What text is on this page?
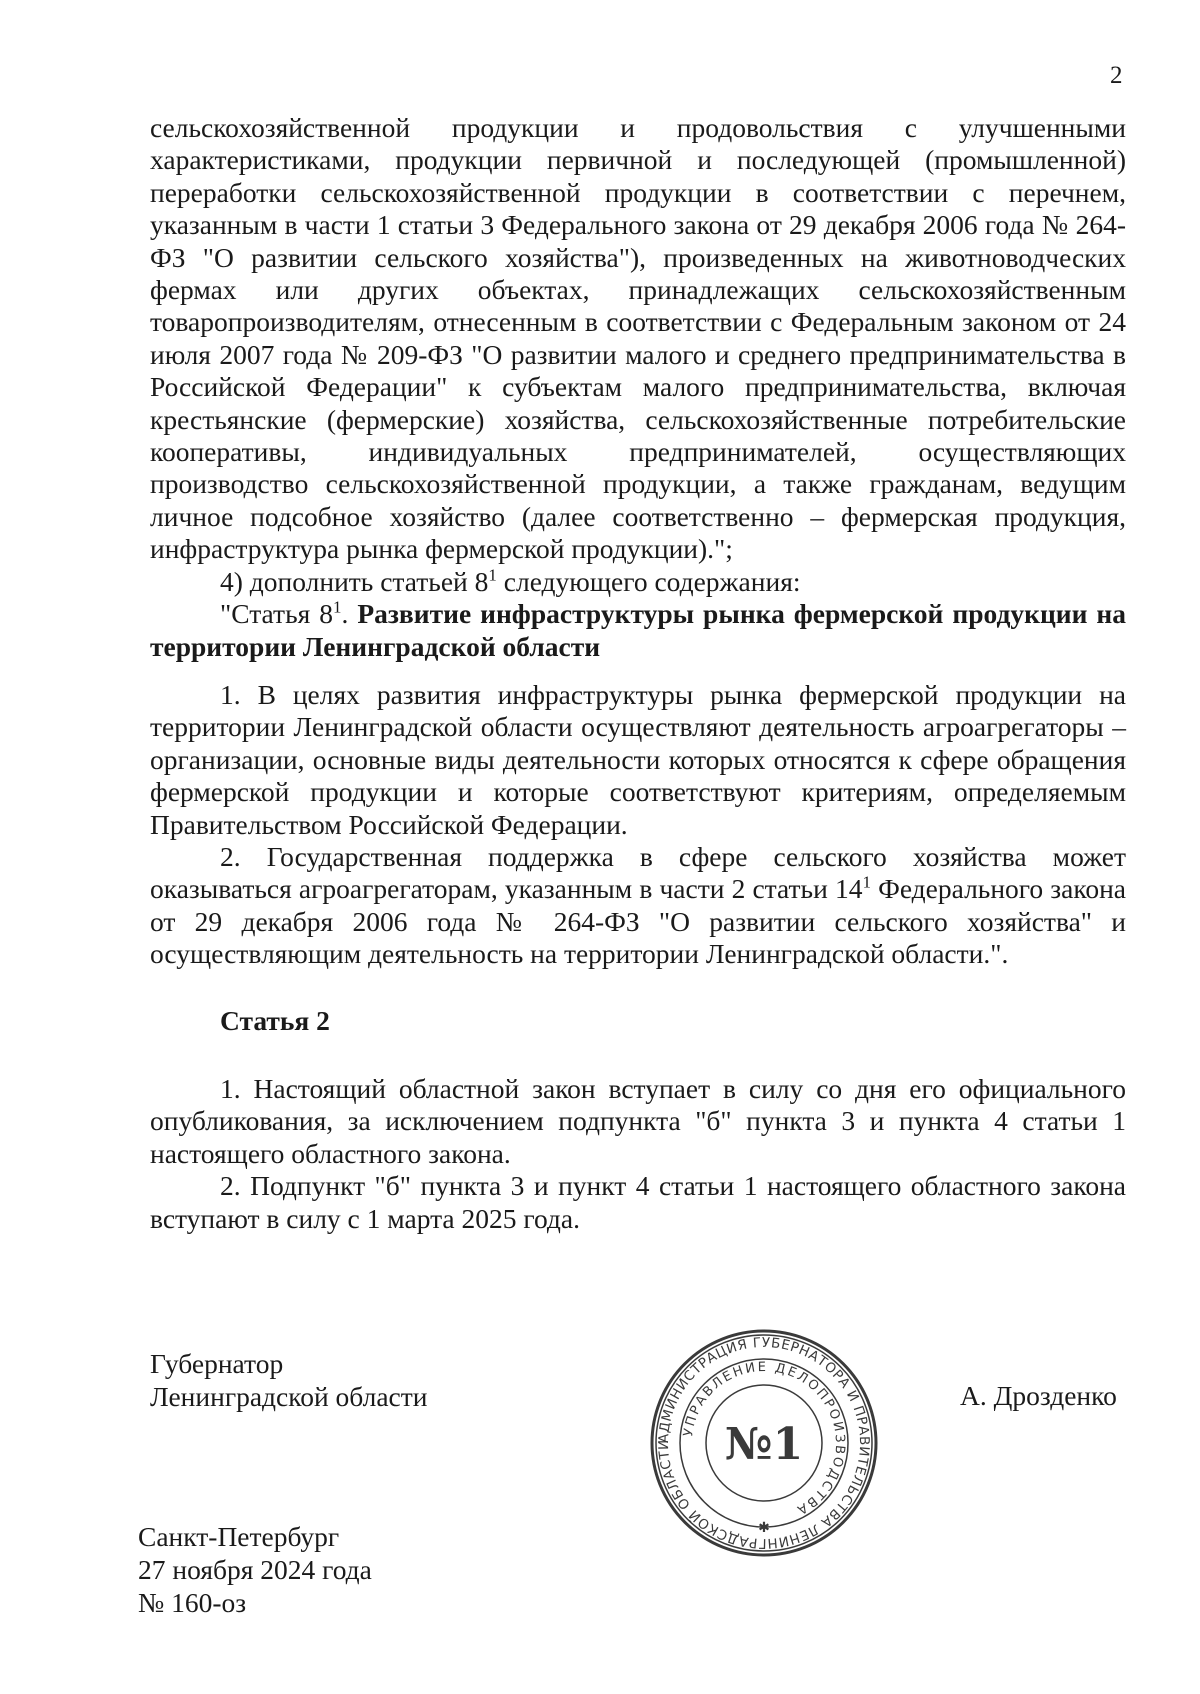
2

сельскохозяйственной продукции и продовольствия с улучшенными характеристиками, продукции первичной и последующей (промышленной) переработки сельскохозяйственной продукции в соответствии с перечнем, указанным в части 1 статьи 3 Федерального закона от 29 декабря 2006 года № 264-ФЗ "О развитии сельского хозяйства"), произведенных на животноводческих фермах или других объектах, принадлежащих сельскохозяйственным товаропроизводителям, отнесенным в соответствии с Федеральным законом от 24 июля 2007 года № 209-ФЗ "О развитии малого и среднего предпринимательства в Российской Федерации" к субъектам малого предпринимательства, включая крестьянские (фермерские) хозяйства, сельскохозяйственные потребительские кооперативы, индивидуальных предпринимателей, осуществляющих производство сельскохозяйственной продукции, а также гражданам, ведущим личное подсобное хозяйство (далее соответственно – фермерская продукция, инфраструктура рынка фермерской продукции).";

4) дополнить статьей $8^1$ следующего содержания:

"Статья $8^1$. Развитие инфраструктуры рынка фермерской продукции на территории Ленинградской области

1. В целях развития инфраструктуры рынка фермерской продукции на территории Ленинградской области осуществляют деятельность агроагрегаторы – организации, основные виды деятельности которых относятся к сфере обращения фермерской продукции и которые соответствуют критериям, определяемым Правительством Российской Федерации.

2. Государственная поддержка в сфере сельского хозяйства может оказываться агроагрегаторам, указанным в части 2 статьи $14^1$ Федерального закона от 29 декабря 2006 года № 264-ФЗ "О развитии сельского хозяйства" и осуществляющим деятельность на территории Ленинградской области.".

Статья 2

1. Настоящий областной закон вступает в силу со дня его официального опубликования, за исключением подпункта "б" пункта 3 и пункта 4 статьи 1 настоящего областного закона.

2. Подпункт "б" пункта 3 и пункт 4 статьи 1 настоящего областного закона вступают в силу с 1 марта 2025 года.

Губернатор
Ленинградской области	А. Дрозденко
АДМИНИСТРАЦИЯ ГУБЕРНАТОРА И ПРАВИТЕЛЬСТВА ЛЕНИНГРАДСКОЙ ОБЛАСТИ
УПРАВЛЕНИЕ ДЕЛОПРОИЗВОДСТВА
№1
✱
Санкт-Петербург
27 ноября 2024 года
№ 160-оз
